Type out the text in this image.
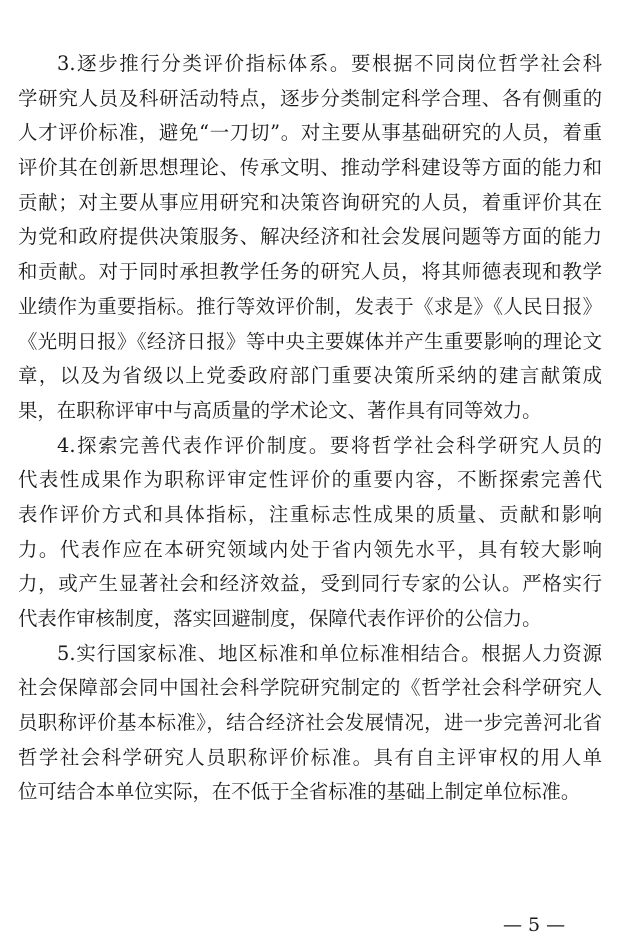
3.逐步推行分类评价指标体系。要根据不同岗位哲学社会科
学研究人员及科研活动特点，逐步分类制定科学合理、各有侧重的
人才评价标准，避免“一刀切”。对主要从事基础研究的人员，着重
评价其在创新思想理论、传承文明、推动学科建设等方面的能力和
贡献；对主要从事应用研究和决策咨询研究的人员，着重评价其在
为党和政府提供决策服务、解决经济和社会发展问题等方面的能力
和贡献。对于同时承担教学任务的研究人员，将其师德表现和教学
业绩作为重要指标。推行等效评价制，发表于《求是》《人民日报》
《光明日报》《经济日报》等中央主要媒体并产生重要影响的理论文
章，以及为省级以上党委政府部门重要决策所采纳的建言献策成
果，在职称评审中与高质量的学术论文、著作具有同等效力。
4.探索完善代表作评价制度。要将哲学社会科学研究人员的
代表性成果作为职称评审定性评价的重要内容，不断探索完善代
表作评价方式和具体指标，注重标志性成果的质量、贡献和影响
力。代表作应在本研究领域内处于省内领先水平，具有较大影响
力，或产生显著社会和经济效益，受到同行专家的公认。严格实行
代表作审核制度，落实回避制度，保障代表作评价的公信力。
5.实行国家标准、地区标准和单位标准相结合。根据人力资源
社会保障部会同中国社会科学院研究制定的《哲学社会科学研究人
员职称评价基本标准》，结合经济社会发展情况，进一步完善河北省
哲学社会科学研究人员职称评价标准。具有自主评审权的用人单
位可结合本单位实际，在不低于全省标准的基础上制定单位标准。
— 5 —
